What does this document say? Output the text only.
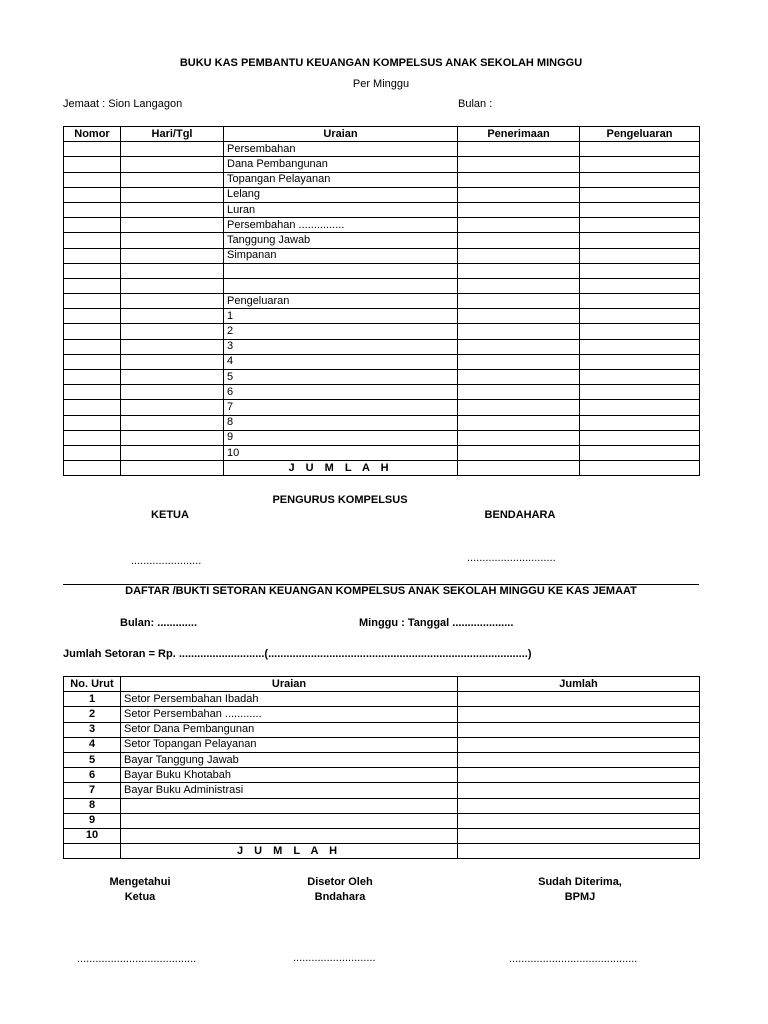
BUKU KAS PEMBANTU KEUANGAN KOMPELSUS ANAK SEKOLAH MINGGU
Per Minggu
Jemaat : Sion Langagon	Bulan :
Nomor	Hari/Tgl	Uraian	Penerimaan	Pengeluaran
		Persembahan		
		Dana Pembangunan		
		Topangan Pelayanan		
		Lelang		
		Luran		
		Persembahan ...............		
		Tanggung Jawab		
		Simpanan		

		Pengeluaran		
		1		
		2		
		3		
		4		
		5		
		6		
		7		
		8		
		9		
		10		
		J U M L A H		
PENGURUS KOMPELSUS
KETUA	BENDAHARA
.......................	.............................
DAFTAR /BUKTI SETORAN KEUANGAN KOMPELSUS ANAK SEKOLAH MINGGU KE KAS JEMAAT
Bulan: .............	Minggu : Tanggal ....................
Jumlah Setoran = Rp. ............................(.....................................................................................)
No. Urut	Uraian	Jumlah
1	Setor Persembahan Ibadah	
2	Setor Persembahan ............	
3	Setor Dana Pembangunan	
4	Setor Topangan Pelayanan	
5	Bayar Tanggung Jawab	
6	Bayar Buku Khotabah	
7	Bayar Buku Administrasi	
8		
9		
10		
	J U M L A H	
Mengetahui
Ketua
Disetor Oleh
Bndahara
Sudah Diterima,
BPMJ
.......................................	...........................	..........................................
